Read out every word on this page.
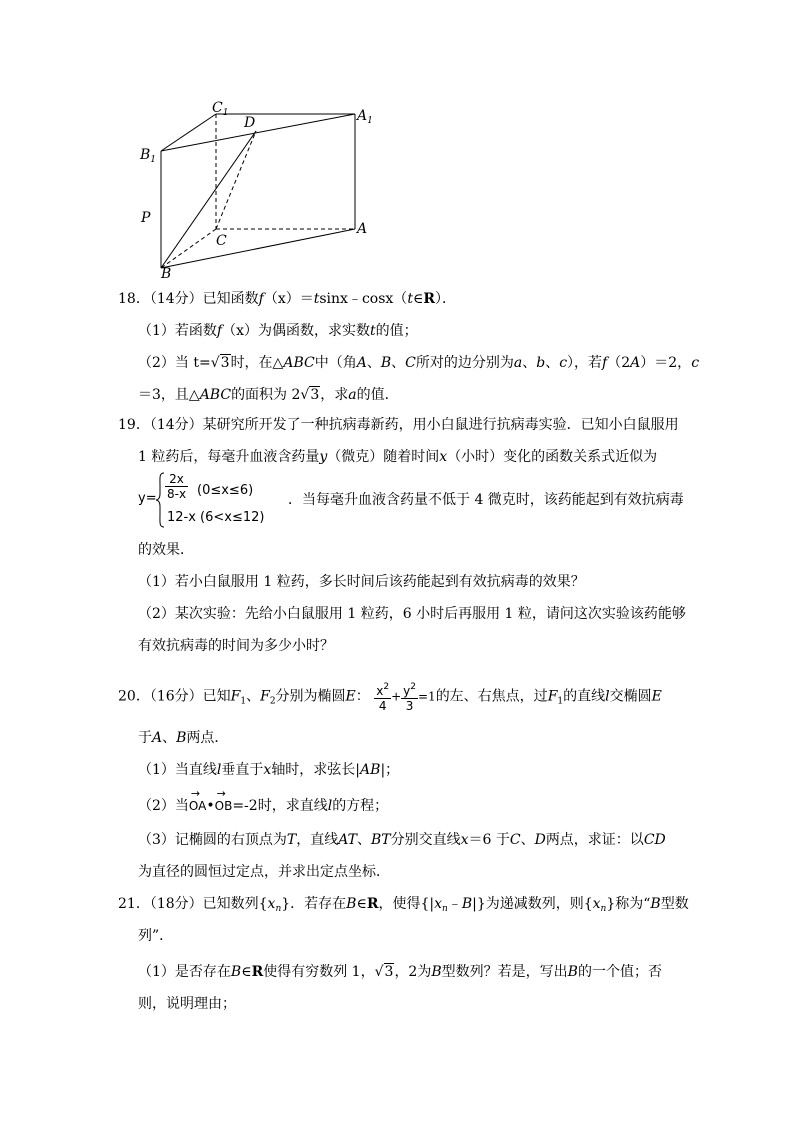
$C_1$
D	$A_1$
$B_1$
P
C
A
B
18．（14分）已知函数f（x）＝tsinx﹣cosx（t∈R）．
（1）若函数f（x）为偶函数，求实数t的值；
（2）当 t=√3时，在△ABC中（角A、B、C所对的边分别为a、b、c），若f（2A）＝2，c
＝3，且△ABC的面积为 2√3，求a的值．
19．（14分）某研究所开发了一种抗病毒新药，用小白鼠进行抗病毒实验．已知小白鼠服用
1 粒药后，每毫升血液含药量y（微克）随着时间x（小时）变化的函数关系式近似为
$y= \frac{2x}{8-x} (0\le x\le 6)$
12-x (6<x≤12)
．当每毫升血液含药量不低于 4 微克时，该药能起到有效抗病毒
的效果．
（1）若小白鼠服用 1 粒药，多长时间后该药能起到有效抗病毒的效果？
（2）某次实验：先给小白鼠服用 1 粒药，6 小时后再服用 1 粒，请问这次实验该药能够
有效抗病毒的时间为多少小时？
20．（16分）已知$F_1$、$F_2$分别为椭圆E： $\frac{x^2}{4} + \frac{y^2}{3} =1$的左、右焦点，过$F_1$的直线l交椭圆E
于A、B两点．
（1）当直线l垂直于x轴时，求弦长|AB|；
（2）当→ OA•→ OB=-2时，求直线l的方程；
（3）记椭圆的右顶点为T，直线AT、BT分别交直线x＝6 于C、D两点，求证：以CD
为直径的圆恒过定点，并求出定点坐标．
21．（18分）已知数列$\{x_n\}$．若存在B∈R，使得$\{|x_n﹣B|\}$为递减数列，则$\{x_n\}$称为“B型数
列”．
（1）是否存在B∈R使得有穷数列 1，√3，2为B型数列？若是，写出B的一个值；否
则，说明理由；
